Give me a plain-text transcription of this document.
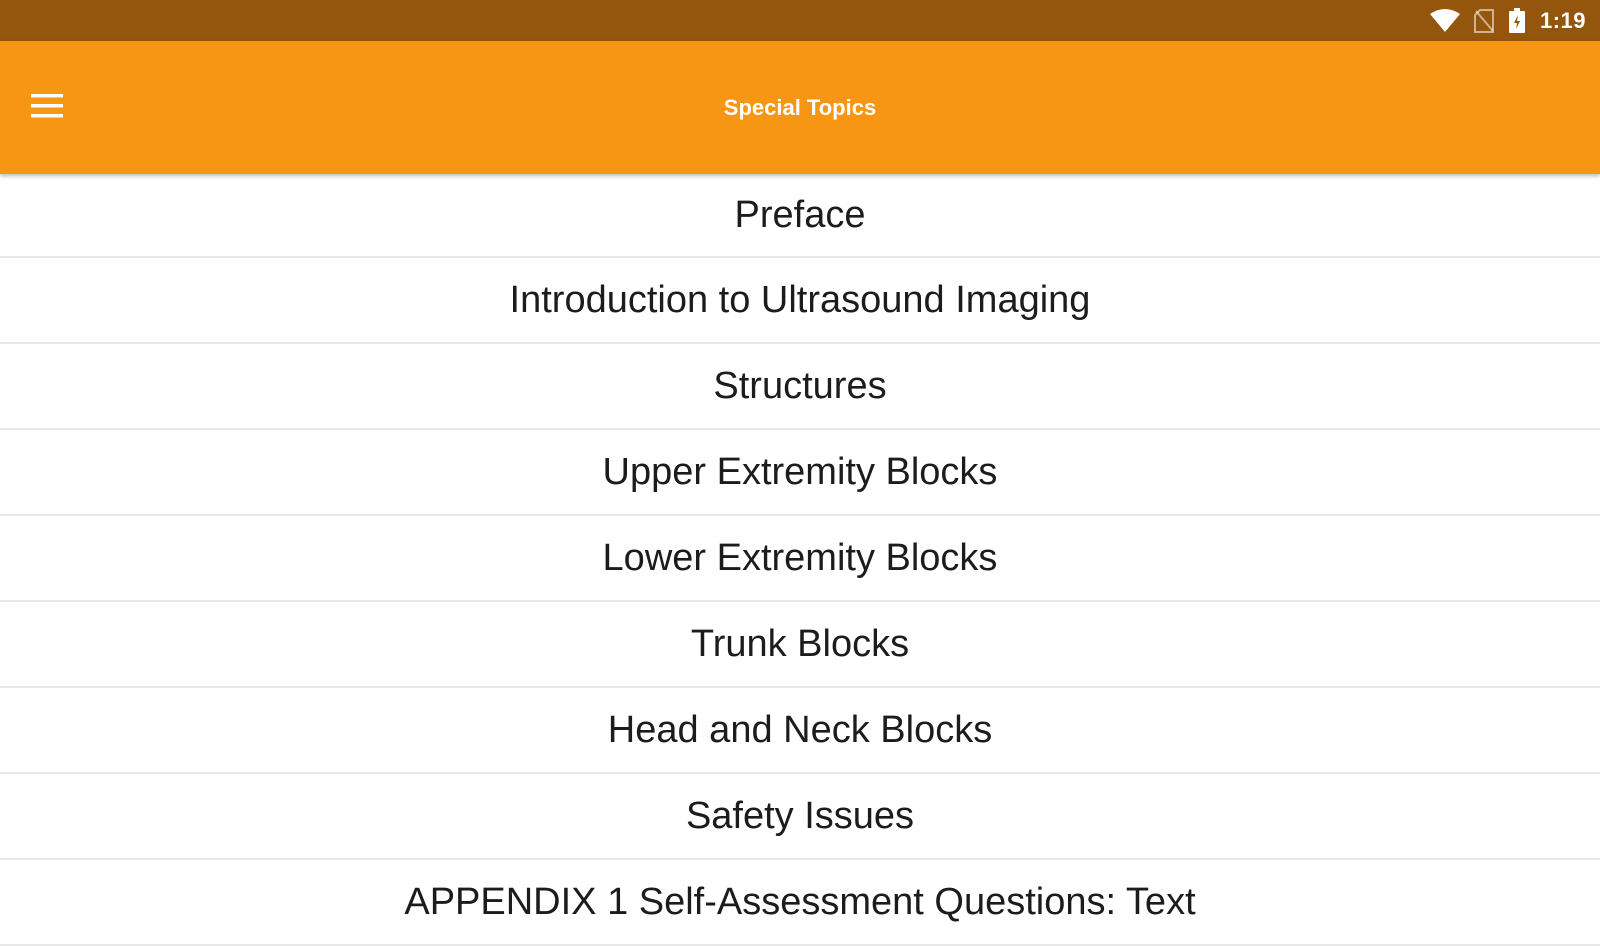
1:19
Special Topics
Preface
Introduction to Ultrasound Imaging
Structures
Upper Extremity Blocks
Lower Extremity Blocks
Trunk Blocks
Head and Neck Blocks
Safety Issues
APPENDIX 1 Self-Assessment Questions: Text
